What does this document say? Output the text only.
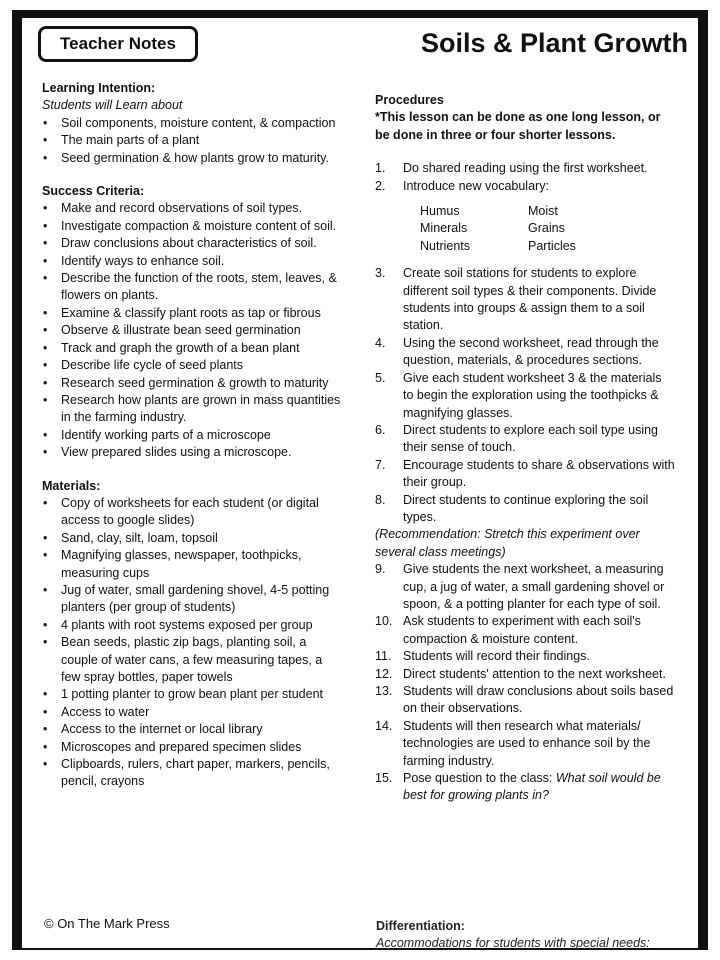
Teacher Notes	Soils & Plant Growth
Learning Intention:
Students will Learn about
• Soil components, moisture content, & compaction
• The main parts of a plant
• Seed germination & how plants grow to maturity.
Success Criteria:
• Make and record observations of soil types.
• Investigate compaction & moisture content of soil.
• Draw conclusions about characteristics of soil.
• Identify ways to enhance soil.
• Describe the function of the roots, stem, leaves, & flowers on plants.
• Examine & classify plant roots as tap or fibrous
• Observe & illustrate bean seed germination
• Track and graph the growth of a bean plant
• Describe life cycle of seed plants
• Research seed germination & growth to maturity
• Research how plants are grown in mass quantities in the farming industry.
• Identify working parts of a microscope
• View prepared slides using a microscope.
Materials:
• Copy of worksheets for each student (or digital access to google slides)
• Sand, clay, silt, loam, topsoil
• Magnifying glasses, newspaper, toothpicks, measuring cups
• Jug of water, small gardening shovel, 4-5 potting planters (per group of students)
• 4 plants with root systems exposed per group
• Bean seeds, plastic zip bags, planting soil, a couple of water cans, a few measuring tapes, a few spray bottles, paper towels
• 1 potting planter to grow bean plant per student
• Access to water
• Access to the internet or local library
• Microscopes and prepared specimen slides
• Clipboards, rulers, chart paper, markers, pencils, pencil, crayons
Procedures
*This lesson can be done as one long lesson, or be done in three or four shorter lessons.
1. Do shared reading using the first worksheet.
2. Introduce new vocabulary:
Humus	Moist
Minerals	Grains
Nutrients	Particles
3. Create soil stations for students to explore different soil types & their components. Divide students into groups & assign them to a soil station.
4. Using the second worksheet, read through the question, materials, & procedures sections.
5. Give each student worksheet 3 & the materials to begin the exploration using the toothpicks & magnifying glasses.
6. Direct students to explore each soil type using their sense of touch.
7. Encourage students to share & observations with their group.
8. Direct students to continue exploring the soil types.
(Recommendation: Stretch this experiment over several class meetings)
9. Give students the next worksheet, a measuring cup, a jug of water, a small gardening shovel or spoon, & a potting planter for each type of soil.
10. Ask students to experiment with each soil's compaction & moisture content.
11. Students will record their findings.
12. Direct students' attention to the next worksheet.
13. Students will draw conclusions about soils based on their observations.
14. Students will then research what materials/ technologies are used to enhance soil by the farming industry.
15. Pose question to the class: What soil would be best for growing plants in?
© On The Mark Press	Differentiation:
Accommodations for students with special needs:
